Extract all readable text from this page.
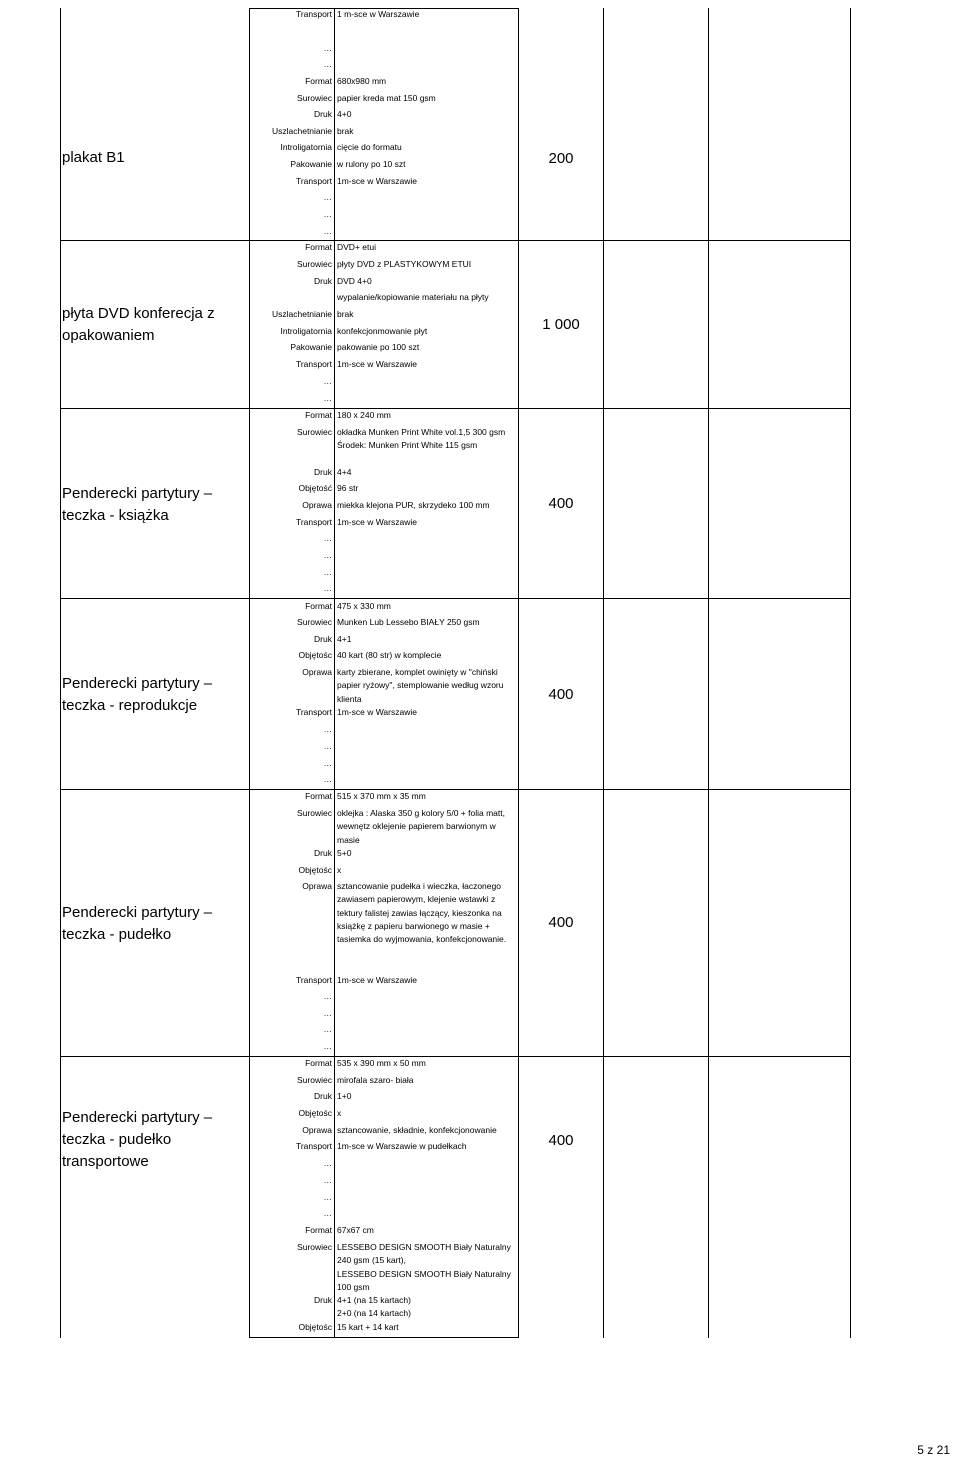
plakat B1	200
płyta DVD konferecja z opakowaniem
1 000
Penderecki partytury – teczka - książka
400
Penderecki partytury – teczka - reprodukcje
400
Penderecki partytury – teczka - pudełko
400
Penderecki partytury – teczka - pudełko transportowe
400
Transport 1 m-sce w Warszawie
…
…
Format 680x980 mm
Surowiec papier kreda mat 150 gsm
Druk 4+0
Uszlachetnianie brak
Introligatornia cięcie do formatu
Pakowanie w rulony po 10 szt
Transport 1m-sce w Warszawie
…
…
…
Format DVD+ etui
Surowiec płyty DVD z PLASTYKOWYM ETUI
Druk DVD 4+0
wypalanie/kopiowanie materiału na płyty
Uszlachetnianie brak
Introligatornia konfekcjonmowanie płyt
Pakowanie pakowanie po 100 szt
Transport 1m-sce w Warszawie
…
…
Format 180 x 240 mm
Surowiec okładka Munken Print White vol.1,5 300 gsm
Środek: Munken Print White 115 gsm
Druk 4+4
Objętość 96 str
Oprawa miekka klejona PUR, skrzydeko 100 mm
Transport 1m-sce w Warszawie
…
…
…
…
Format 475 x 330 mm
Surowiec Munken Lub Lessebo BIAŁY 250 gsm
Druk 4+1
Objętośc 40 kart (80 str) w komplecie
Oprawa karty zbierane, komplet owinięty w "chiński papier ryżowy", stemplowanie według wzoru klienta
Transport 1m-sce w Warszawie
…
…
…
…
Format 515 x 370 mm x 35 mm
Surowiec oklejka : Alaska 350 g kolory 5/0 + folia matt, wewnętz oklejenie papierem barwionym w masie
Druk 5+0
Objętośc x
Oprawa sztancowanie pudełka i wieczka, łaczonego zawiasem papierowym, klejenie wstawki z tektury falistej zawias łączący, kieszonka na książkę z papieru barwionego w masie + tasiemka do wyjmowania, konfekcjonowanie.
Transport 1m-sce w Warszawie
…
…
…
…
Format 535 x 390 mm x 50 mm
Surowiec mirofala szaro- biała
Druk 1+0
Objętośc x
Oprawa sztancowanie, składnie, konfekcjonowanie
Transport 1m-sce w Warszawie w pudełkach
…
…
…
…
Format 67x67 cm
Surowiec LESSEBO DESIGN SMOOTH Biały Naturalny 240 gsm (15 kart),
LESSEBO DESIGN SMOOTH Biały Naturalny 100 gsm
Druk 4+1 (na 15 kartach)
2+0 (na 14 kartach)
Objętośc 15 kart + 14 kart
5 z 21
